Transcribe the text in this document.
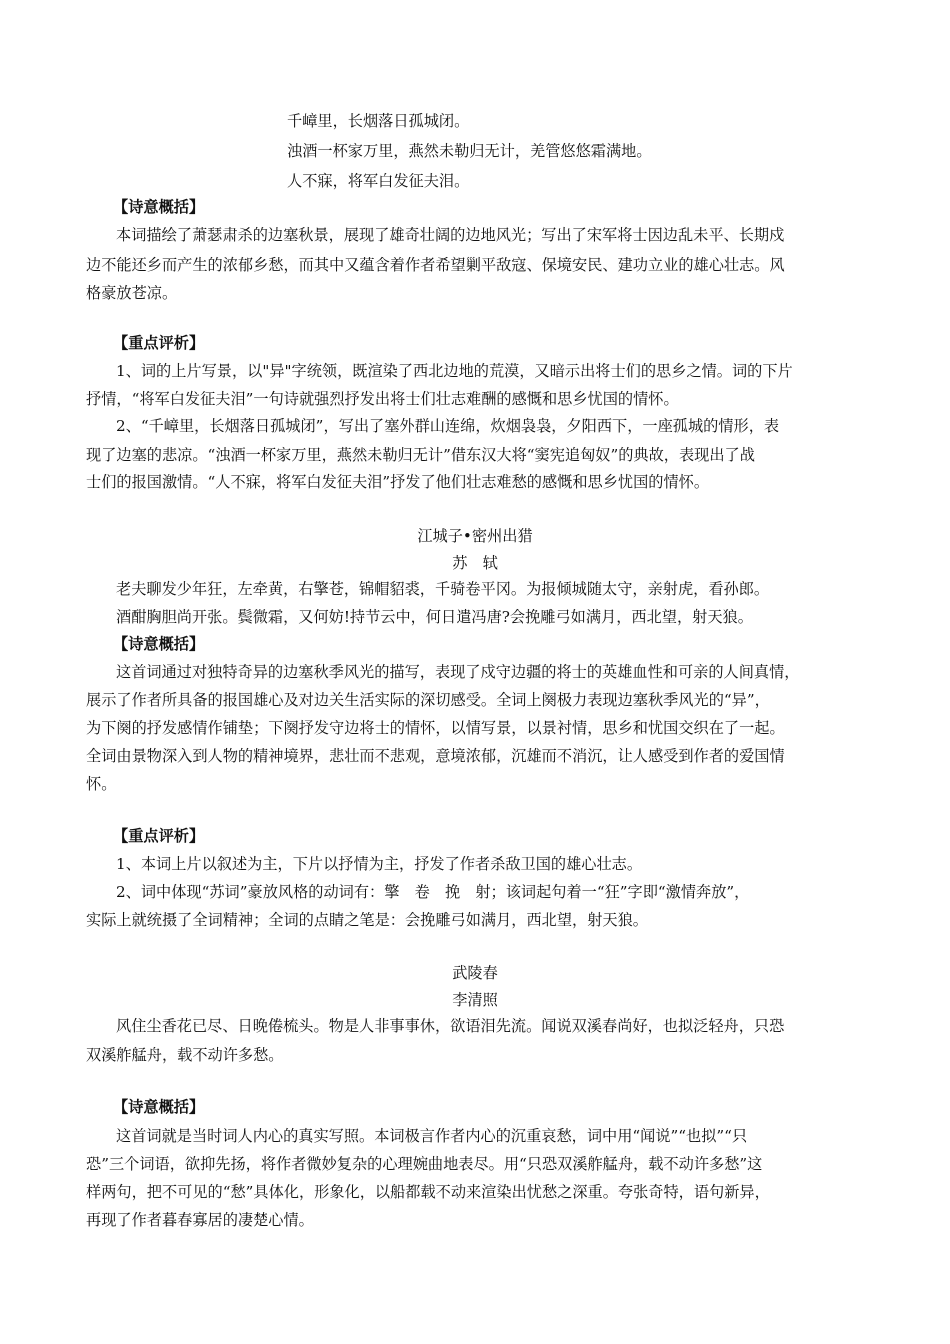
千嶂里，长烟落日孤城闭。
浊酒一杯家万里，燕然未勒归无计，羌管悠悠霜满地。
人不寐，将军白发征夫泪。
【诗意概括】
本词描绘了萧瑟肃杀的边塞秋景，展现了雄奇壮阔的边地风光；写出了宋军将士因边乱未平、长期戍
边不能还乡而产生的浓郁乡愁，而其中又蕴含着作者希望剿平敌寇、保境安民、建功立业的雄心壮志。风
格豪放苍凉。
【重点评析】
1、词的上片写景，以"异"字统领，既渲染了西北边地的荒漠，又暗示出将士们的思乡之情。词的下片
抒情，“将军白发征夫泪”一句诗就强烈抒发出将士们壮志难酬的感慨和思乡忧国的情怀。
2、“千嶂里，长烟落日孤城闭”，写出了塞外群山连绵，炊烟袅袅，夕阳西下，一座孤城的情形，表
现了边塞的悲凉。“浊酒一杯家万里，燕然未勒归无计”借东汉大将“窦宪追匈奴”的典故，表现出了战
士们的报国激情。“人不寐，将军白发征夫泪”抒发了他们壮志难愁的感慨和思乡忧国的情怀。
江城子•密州出猎
苏　轼
老夫聊发少年狂，左牵黄，右擎苍，锦帽貂裘，千骑卷平冈。为报倾城随太守，亲射虎，看孙郎。
酒酣胸胆尚开张。鬓微霜，又何妨!持节云中，何日遣冯唐?会挽雕弓如满月，西北望，射天狼。
【诗意概括】
这首词通过对独特奇异的边塞秋季风光的描写，表现了戍守边疆的将士的英雄血性和可亲的人间真情，
展示了作者所具备的报国雄心及对边关生活实际的深切感受。全词上阕极力表现边塞秋季风光的“异”，
为下阕的抒发感情作铺垫；下阕抒发守边将士的情怀，以情写景，以景衬情，思乡和忧国交织在了一起。
全词由景物深入到人物的精神境界，悲壮而不悲观，意境浓郁，沉雄而不消沉，让人感受到作者的爱国情
怀。
【重点评析】
1、本词上片以叙述为主，下片以抒情为主，抒发了作者杀敌卫国的雄心壮志。
2、词中体现“苏词”豪放风格的动词有：擎　卷　挽　射；该词起句着一“狂”字即“激情奔放”，
实际上就统摄了全词精神；全词的点睛之笔是：会挽雕弓如满月，西北望，射天狼。
武陵春
李清照
风住尘香花已尽、日晚倦梳头。物是人非事事休，欲语泪先流。闻说双溪春尚好，也拟泛轻舟，只恐
双溪舴艋舟，载不动许多愁。
【诗意概括】
这首词就是当时词人内心的真实写照。本词极言作者内心的沉重哀愁，词中用“闻说”“也拟”“只
恐”三个词语，欲抑先扬，将作者微妙复杂的心理婉曲地表尽。用“只恐双溪舴艋舟，载不动许多愁”这
样两句，把不可见的“愁”具体化，形象化，以船都载不动来渲染出忧愁之深重。夸张奇特，语句新异，
再现了作者暮春寡居的凄楚心情。
